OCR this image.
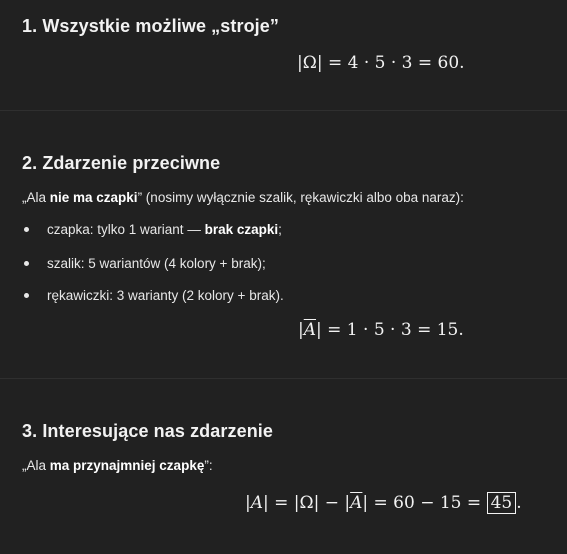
1. Wszystkie możliwe „stroje”
|Ω| = 4 · 5 · 3 = 60.
2. Zdarzenie przeciwne
„Ala nie ma czapki” (nosimy wyłącznie szalik, rękawiczki albo oba naraz):
czapka: tylko 1 wariant — brak czapki;
szalik: 5 wariantów (4 kolory + brak);
rękawiczki: 3 warianty (2 kolory + brak).
$|\overline{A}| = 1 \cdot 5 \cdot 3 = 15$.
3. Interesujące nas zdarzenie
„Ala ma przynajmniej czapkę”:
$|A| = |\Omega| - |\overline{A}| = 60 - 15 = 45$ .
